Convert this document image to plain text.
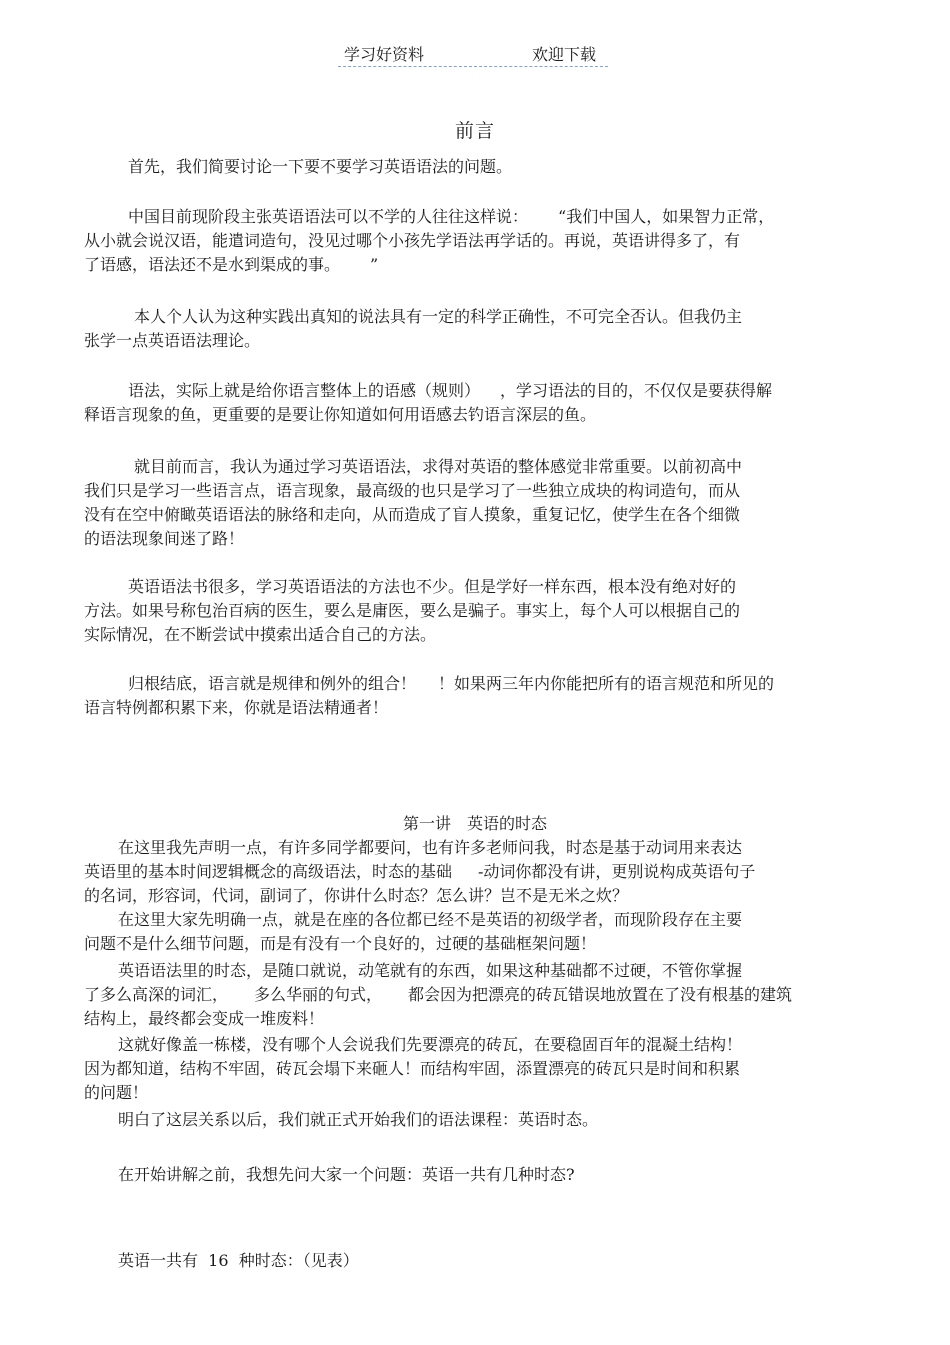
学习好资料	欢迎下载
前言
首先，我们简要讨论一下要不要学习英语语法的问题。
中国目前现阶段主张英语语法可以不学的人往往这样说： “我们中国人，如果智力正常，
从小就会说汉语，能遣词造句，没见过哪个小孩先学语法再学话的。再说，英语讲得多了，有
了语感，语法还不是水到渠成的事。 ”
本人个人认为这种实践出真知的说法具有一定的科学正确性，不可完全否认。但我仍主
张学一点英语语法理论。
语法，实际上就是给你语言整体上的语感（规则） ，学习语法的目的，不仅仅是要获得解
释语言现象的鱼，更重要的是要让你知道如何用语感去钓语言深层的鱼。
就目前而言，我认为通过学习英语语法，求得对英语的整体感觉非常重要。以前初高中
我们只是学习一些语言点，语言现象，最高级的也只是学习了一些独立成块的构词造句，而从
没有在空中俯瞰英语语法的脉络和走向，从而造成了盲人摸象，重复记忆，使学生在各个细微
的语法现象间迷了路！
英语语法书很多，学习英语语法的方法也不少。但是学好一样东西，根本没有绝对好的
方法。如果号称包治百病的医生，要么是庸医，要么是骗子。事实上，每个人可以根据自己的
实际情况，在不断尝试中摸索出适合自己的方法。
归根结底，语言就是规律和例外的组合！ ！如果两三年内你能把所有的语言规范和所见的
语言特例都积累下来，你就是语法精通者！
第一讲　英语的时态
在这里我先声明一点，有许多同学都要问，也有许多老师问我，时态是基于动词用来表达
英语里的基本时间逻辑概念的高级语法，时态的基础 -动词你都没有讲，更别说构成英语句子
的名词，形容词，代词，副词了，你讲什么时态？怎么讲？岂不是无米之炊？
在这里大家先明确一点，就是在座的各位都已经不是英语的初级学者，而现阶段存在主要
问题不是什么细节问题，而是有没有一个良好的，过硬的基础框架问题！
英语语法里的时态，是随口就说，动笔就有的东西，如果这种基础都不过硬，不管你掌握
了多么高深的词汇， 多么华丽的句式， 都会因为把漂亮的砖瓦错误地放置在了没有根基的建筑
结构上，最终都会变成一堆废料！
这就好像盖一栋楼，没有哪个人会说我们先要漂亮的砖瓦，在要稳固百年的混凝土结构！
因为都知道，结构不牢固，砖瓦会塌下来砸人！而结构牢固，添置漂亮的砖瓦只是时间和积累
的问题！
明白了这层关系以后，我们就正式开始我们的语法课程：英语时态。
在开始讲解之前，我想先问大家一个问题：英语一共有几种时态?
英语一共有  16  种时态：（见表）
